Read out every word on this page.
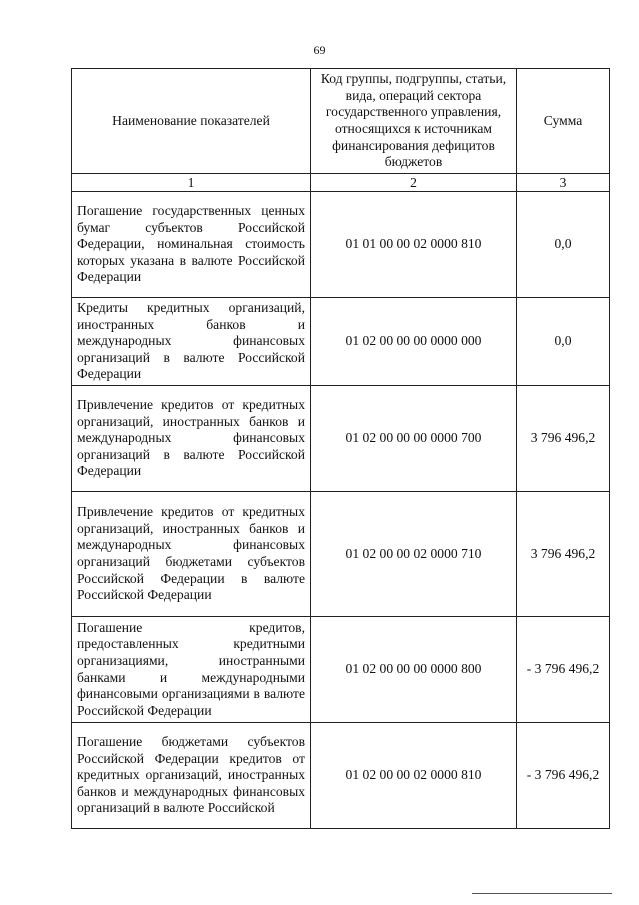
69
Наименование показателей	Код группы, подгруппы, статьи, вида, операций сектора государственного управления, относящихся к источникам финансирования дефицитов бюджетов	Сумма
1	2	3
Погашение государственных ценных бумаг субъектов Российской Федерации, номинальная стоимость которых указана в валюте Российской Федерации	01 01 00 00 02 0000 810	0,0
Кредиты кредитных организаций, иностранных банков и международных финансовых организаций в валюте Российской Федерации	01 02 00 00 00 0000 000	0,0
Привлечение кредитов от кредитных организаций, иностранных банков и международных финансовых организаций в валюте Российской Федерации	01 02 00 00 00 0000 700	3 796 496,2
Привлечение кредитов от кредитных организаций, иностранных банков и международных финансовых организаций бюджетами субъектов Российской Федерации в валюте Российской Федерации	01 02 00 00 02 0000 710	3 796 496,2
Погашение кредитов, предоставленных кредитными организациями, иностранными банками и международными финансовыми организациями в валюте Российской Федерации	01 02 00 00 00 0000 800	- 3 796 496,2
Погашение бюджетами субъектов Российской Федерации кредитов от кредитных организаций, иностранных банков и международных финансовых организаций в валюте Российской	01 02 00 00 02 0000 810	- 3 796 496,2
